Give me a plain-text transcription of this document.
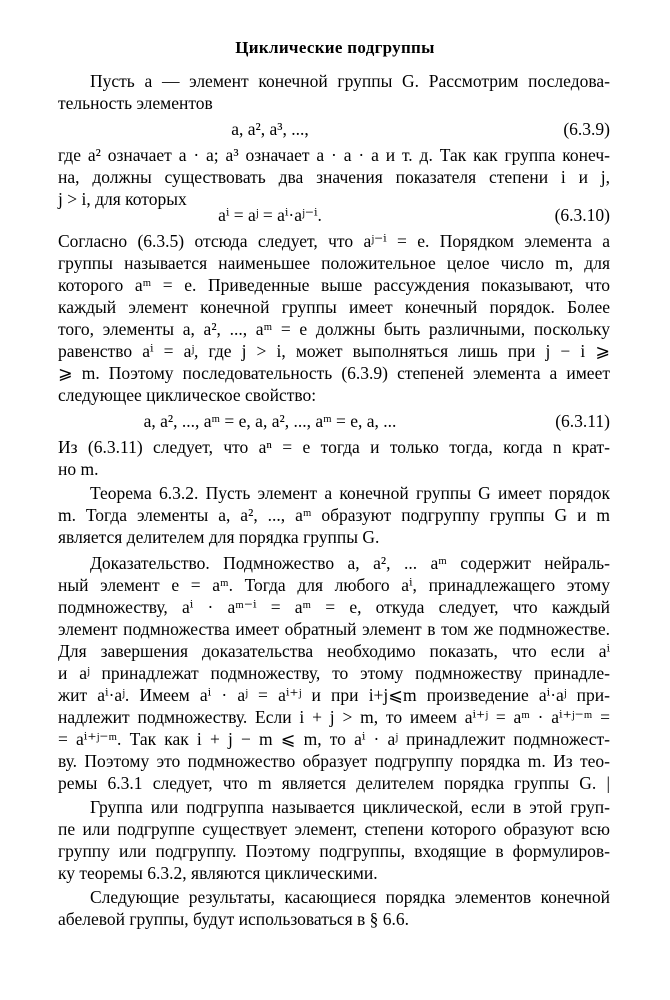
Циклические подгруппы
Пусть a — элемент конечной группы G. Рассмотрим последова-
тельность элементов
a, a², a³, ...,	(6.3.9)
где a² означает a · a; a³ означает a · a · a и т. д. Так как группа конеч-
на, должны существовать два значения показателя степени i и j,
j > i, для которых
aⁱ = aʲ = aⁱ·aʲ⁻ⁱ.	(6.3.10)
Согласно (6.3.5) отсюда следует, что aʲ⁻ⁱ = e. Порядком элемента a
группы называется наименьшее положительное целое число m, для
которого aᵐ = e. Приведенные выше рассуждения показывают, что
каждый элемент конечной группы имеет конечный порядок. Более
того, элементы a, a², ..., aᵐ = e должны быть различными, поскольку
равенство aⁱ = aʲ, где j > i, может выполняться лишь при j − i ⩾
⩾ m. Поэтому последовательность (6.3.9) степеней элемента a имеет
следующее циклическое свойство:
a, a², ..., aᵐ = e, a, a², ..., aᵐ = e, a, ...	(6.3.11)
Из (6.3.11) следует, что aⁿ = e тогда и только тогда, когда n крат-
но m.
Теорема 6.3.2. Пусть элемент a конечной группы G имеет порядок
m. Тогда элементы a, a², ..., aᵐ образуют подгруппу группы G и m
является делителем для порядка группы G.
Доказательство. Подмножество a, a², ... aᵐ содержит нейраль-
ный элемент e = aᵐ. Тогда для любого aⁱ, принадлежащего этому
подмножеству, aⁱ · aᵐ⁻ⁱ = aᵐ = e, откуда следует, что каждый
элемент подмножества имеет обратный элемент в том же подмножестве.
Для завершения доказательства необходимо показать, что если aⁱ
и aʲ принадлежат подмножеству, то этому подмножеству принадле-
жит aⁱ·aʲ. Имеем aⁱ · aʲ = aⁱ⁺ʲ и при i+j⩽m произведение aⁱ·aʲ при-
надлежит подмножеству. Если i + j > m, то имеем aⁱ⁺ʲ = aᵐ · aⁱ⁺ʲ⁻ᵐ =
= aⁱ⁺ʲ⁻ᵐ. Так как i + j − m ⩽ m, то aⁱ · aʲ принадлежит подмножест-
ву. Поэтому это подмножество образует подгруппу порядка m. Из тео-
ремы 6.3.1 следует, что m является делителем порядка группы G. |
Группа или подгруппа называется циклической, если в этой груп-
пе или подгруппе существует элемент, степени которого образуют всю
группу или подгруппу. Поэтому подгруппы, входящие в формулиров-
ку теоремы 6.3.2, являются циклическими.
Следующие результаты, касающиеся порядка элементов конечной
абелевой группы, будут использоваться в § 6.6.
